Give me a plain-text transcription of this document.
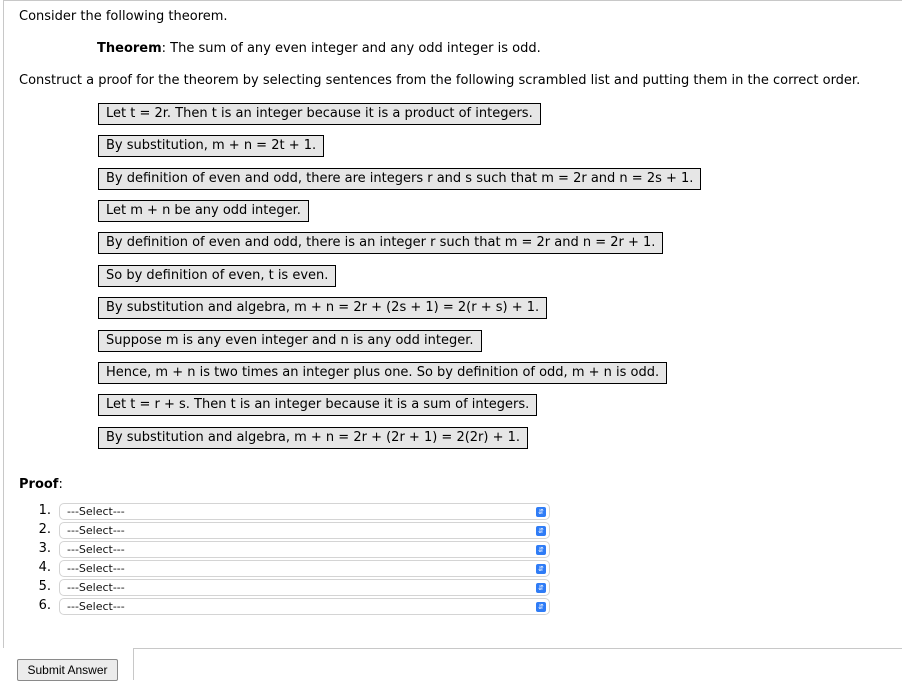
Consider the following theorem.
Theorem: The sum of any even integer and any odd integer is odd.
Construct a proof for the theorem by selecting sentences from the following scrambled list and putting them in the correct order.
Let t = 2r. Then t is an integer because it is a product of integers.
By substitution, m + n = 2t + 1.
By definition of even and odd, there are integers r and s such that m = 2r and n = 2s + 1.
Let m + n be any odd integer.
By definition of even and odd, there is an integer r such that m = 2r and n = 2r + 1.
So by definition of even, t is even.
By substitution and algebra, m + n = 2r + (2s + 1) = 2(r + s) + 1.
Suppose m is any even integer and n is any odd integer.
Hence, m + n is two times an integer plus one. So by definition of odd, m + n is odd.
Let t = r + s. Then t is an integer because it is a sum of integers.
By substitution and algebra, m + n = 2r + (2r + 1) = 2(2r) + 1.
Proof:
1.	---Select---	⇵
2.	---Select---	⇵
3.	---Select---	⇵
4.	---Select---	⇵
5.	---Select---	⇵
6.	---Select---	⇵
Submit Answer
